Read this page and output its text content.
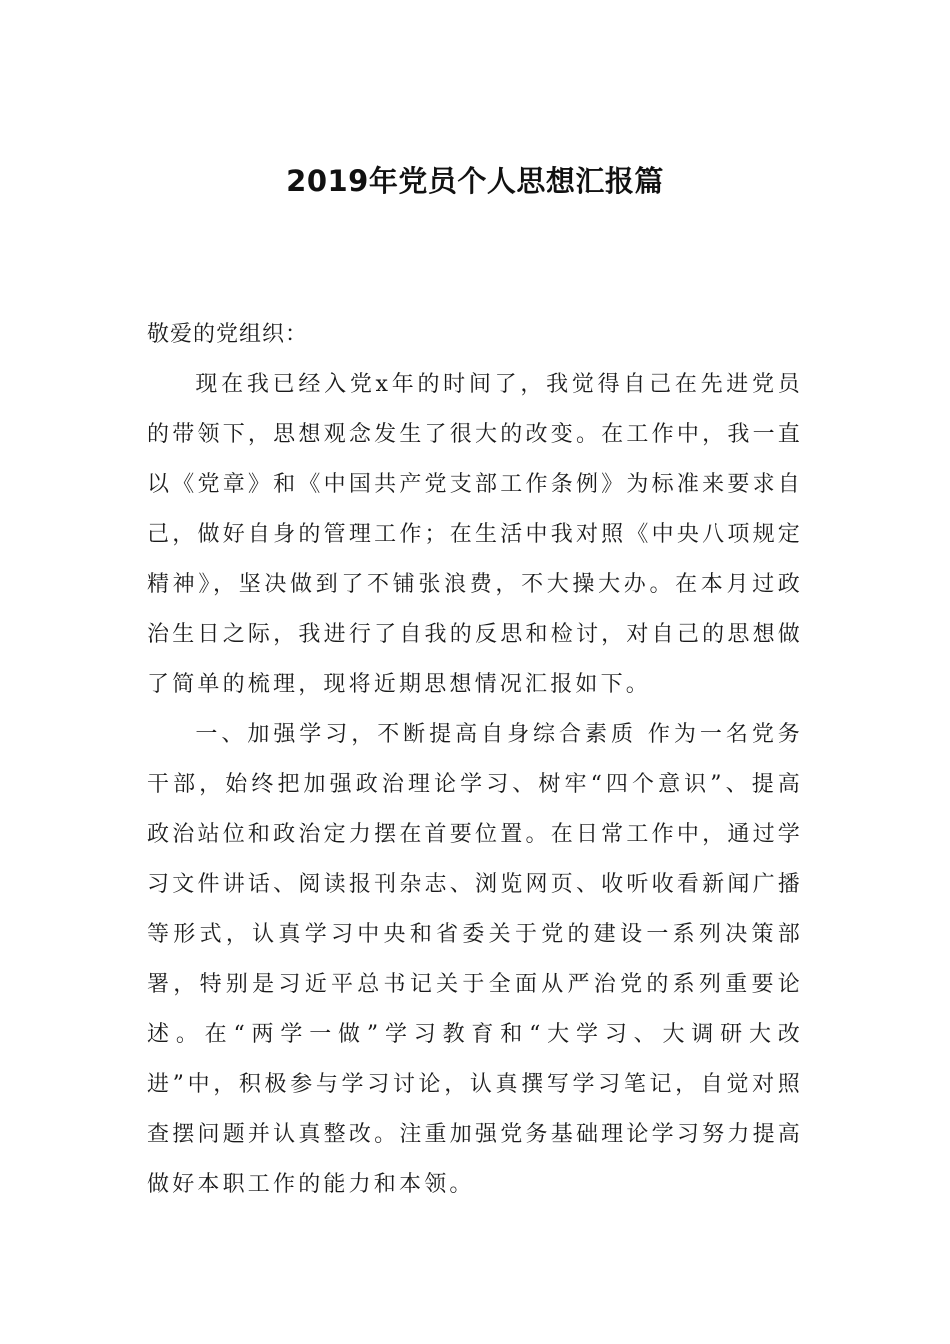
2019年党员个人思想汇报篇

敬爱的党组织：

现在我已经入党x年的时间了，我觉得自己在先进党员的带领下，思想观念发生了很大的改变。在工作中，我一直以《党章》和《中国共产党支部工作条例》为标准来要求自己，做好自身的管理工作；在生活中我对照《中央八项规定精神》，坚决做到了不铺张浪费，不大操大办。在本月过政治生日之际，我进行了自我的反思和检讨，对自己的思想做了简单的梳理，现将近期思想情况汇报如下。

一、加强学习，不断提高自身综合素质 作为一名党务干部，始终把加强政治理论学习、树牢“四个意识”、提高政治站位和政治定力摆在首要位置。在日常工作中，通过学习文件讲话、阅读报刊杂志、浏览网页、收听收看新闻广播等形式，认真学习中央和省委关于党的建设一系列决策部署，特别是习近平总书记关于全面从严治党的系列重要论述。在“两学一做”学习教育和“大学习、大调研大改进”中，积极参与学习讨论，认真撰写学习笔记，自觉对照查摆问题并认真整改。注重加强党务基础理论学习努力提高做好本职工作的能力和本领。
